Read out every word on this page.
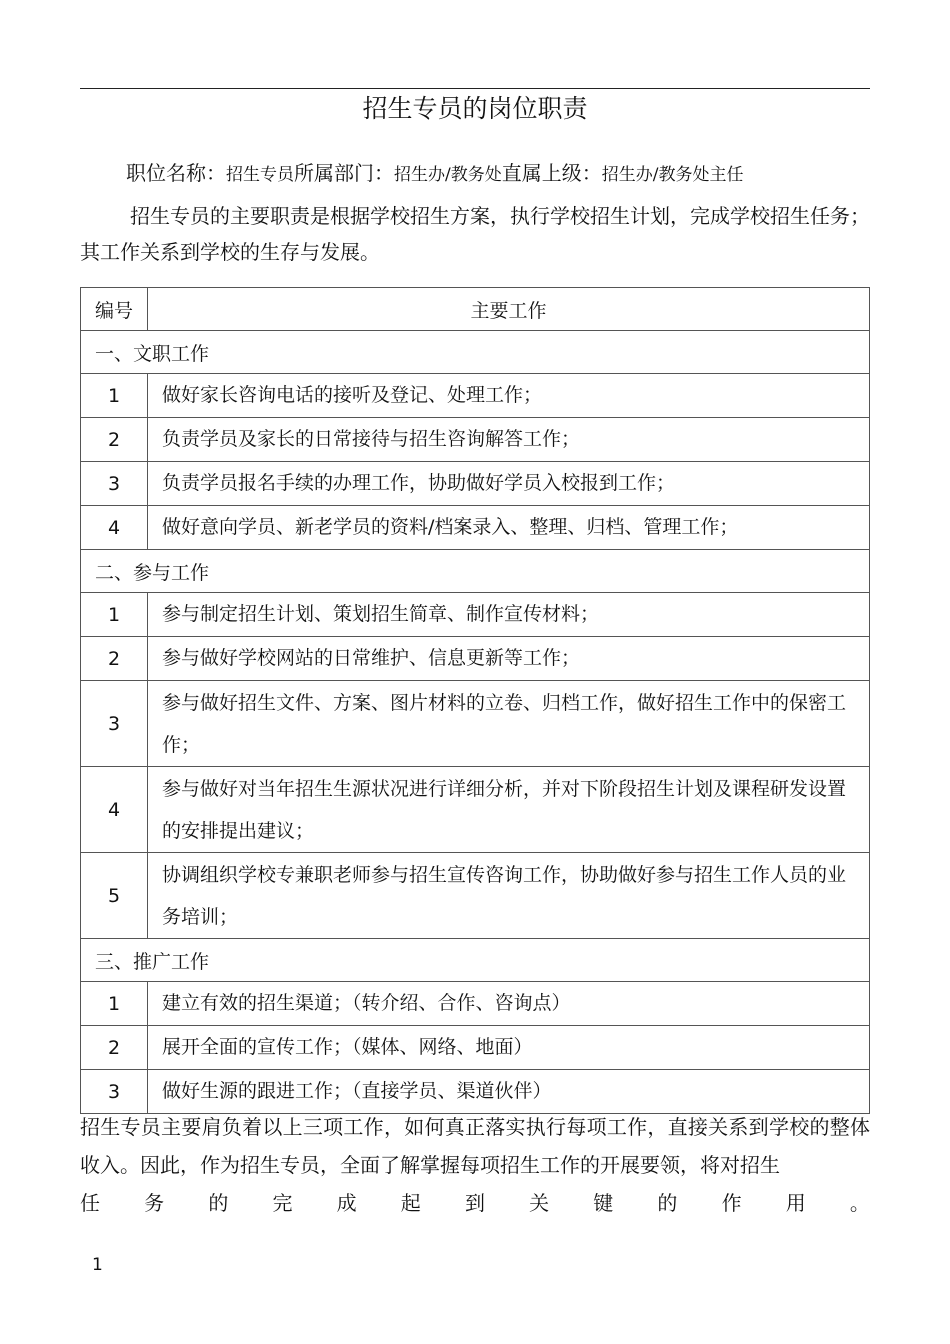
招生专员的岗位职责
职位名称：招生专员所属部门：招生办/教务处直属上级：招生办/教务处主任
招生专员的主要职责是根据学校招生方案，执行学校招生计划，完成学校招生任务；其工作关系到学校的生存与发展。
编号	主要工作
一、文职工作	
1	做好家长咨询电话的接听及登记、处理工作；
2	负责学员及家长的日常接待与招生咨询解答工作；
3	负责学员报名手续的办理工作，协助做好学员入校报到工作；
4	做好意向学员、新老学员的资料/档案录入、整理、归档、管理工作；
二、参与工作	
1	参与制定招生计划、策划招生简章、制作宣传材料；
2	参与做好学校网站的日常维护、信息更新等工作；
3	参与做好招生文件、方案、图片材料的立卷、归档工作，做好招生工作中的保密工作；
4	参与做好对当年招生生源状况进行详细分析，并对下阶段招生计划及课程研发设置的安排提出建议；
5	协调组织学校专兼职老师参与招生宣传咨询工作，协助做好参与招生工作人员的业务培训；
三、推广工作	
1	建立有效的招生渠道；（转介绍、合作、咨询点）
2	展开全面的宣传工作；（媒体、网络、地面）
3	做好生源的跟进工作；（直接学员、渠道伙伴）
招生专员主要肩负着以上三项工作，如何真正落实执行每项工作，直接关系到学校的整体收入。因此，作为招生专员，全面了解掌握每项招生工作的开展要领，将对招生
任 务 的 完 成 起 到 关 键 的 作 用 。
1
